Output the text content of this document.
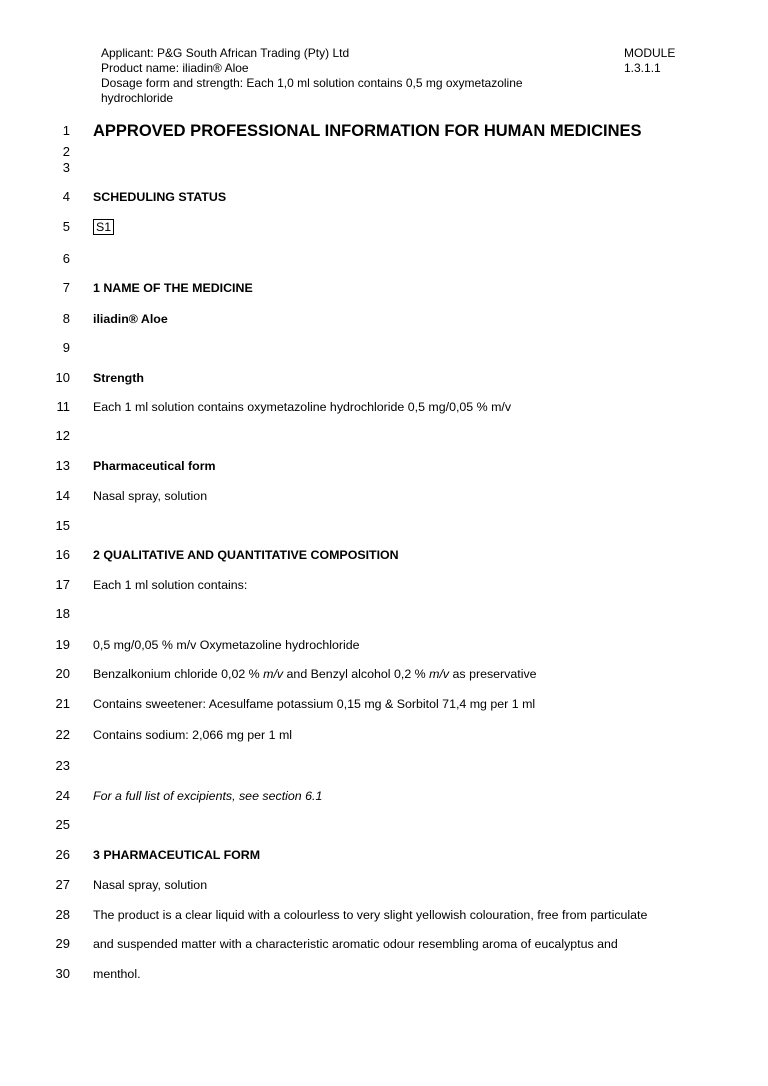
Applicant: P&G South African Trading (Pty) Ltd
Product name: iliadin® Aloe
Dosage form and strength: Each 1,0 ml solution contains 0,5 mg oxymetazoline
hydrochloride
MODULE
1.3.1.1
1 APPROVED PROFESSIONAL INFORMATION FOR HUMAN MEDICINES
2
3
4 SCHEDULING STATUS
5 S1
6
7 1 NAME OF THE MEDICINE
8 iliadin® Aloe
9
10 Strength
11 Each 1 ml solution contains oxymetazoline hydrochloride 0,5 mg/0,05 % m/v
12
13 Pharmaceutical form
14 Nasal spray, solution
15
16 2 QUALITATIVE AND QUANTITATIVE COMPOSITION
17 Each 1 ml solution contains:
18
19 0,5 mg/0,05 % m/v Oxymetazoline hydrochloride
20 Benzalkonium chloride 0,02 % m/v and Benzyl alcohol 0,2 % m/v as preservative
21 Contains sweetener: Acesulfame potassium 0,15 mg & Sorbitol 71,4 mg per 1 ml
22 Contains sodium: 2,066 mg per 1 ml
23
24 For a full list of excipients, see section 6.1
25
26 3 PHARMACEUTICAL FORM
27 Nasal spray, solution
28 The product is a clear liquid with a colourless to very slight yellowish colouration, free from particulate
29 and suspended matter with a characteristic aromatic odour resembling aroma of eucalyptus and
30 menthol.
